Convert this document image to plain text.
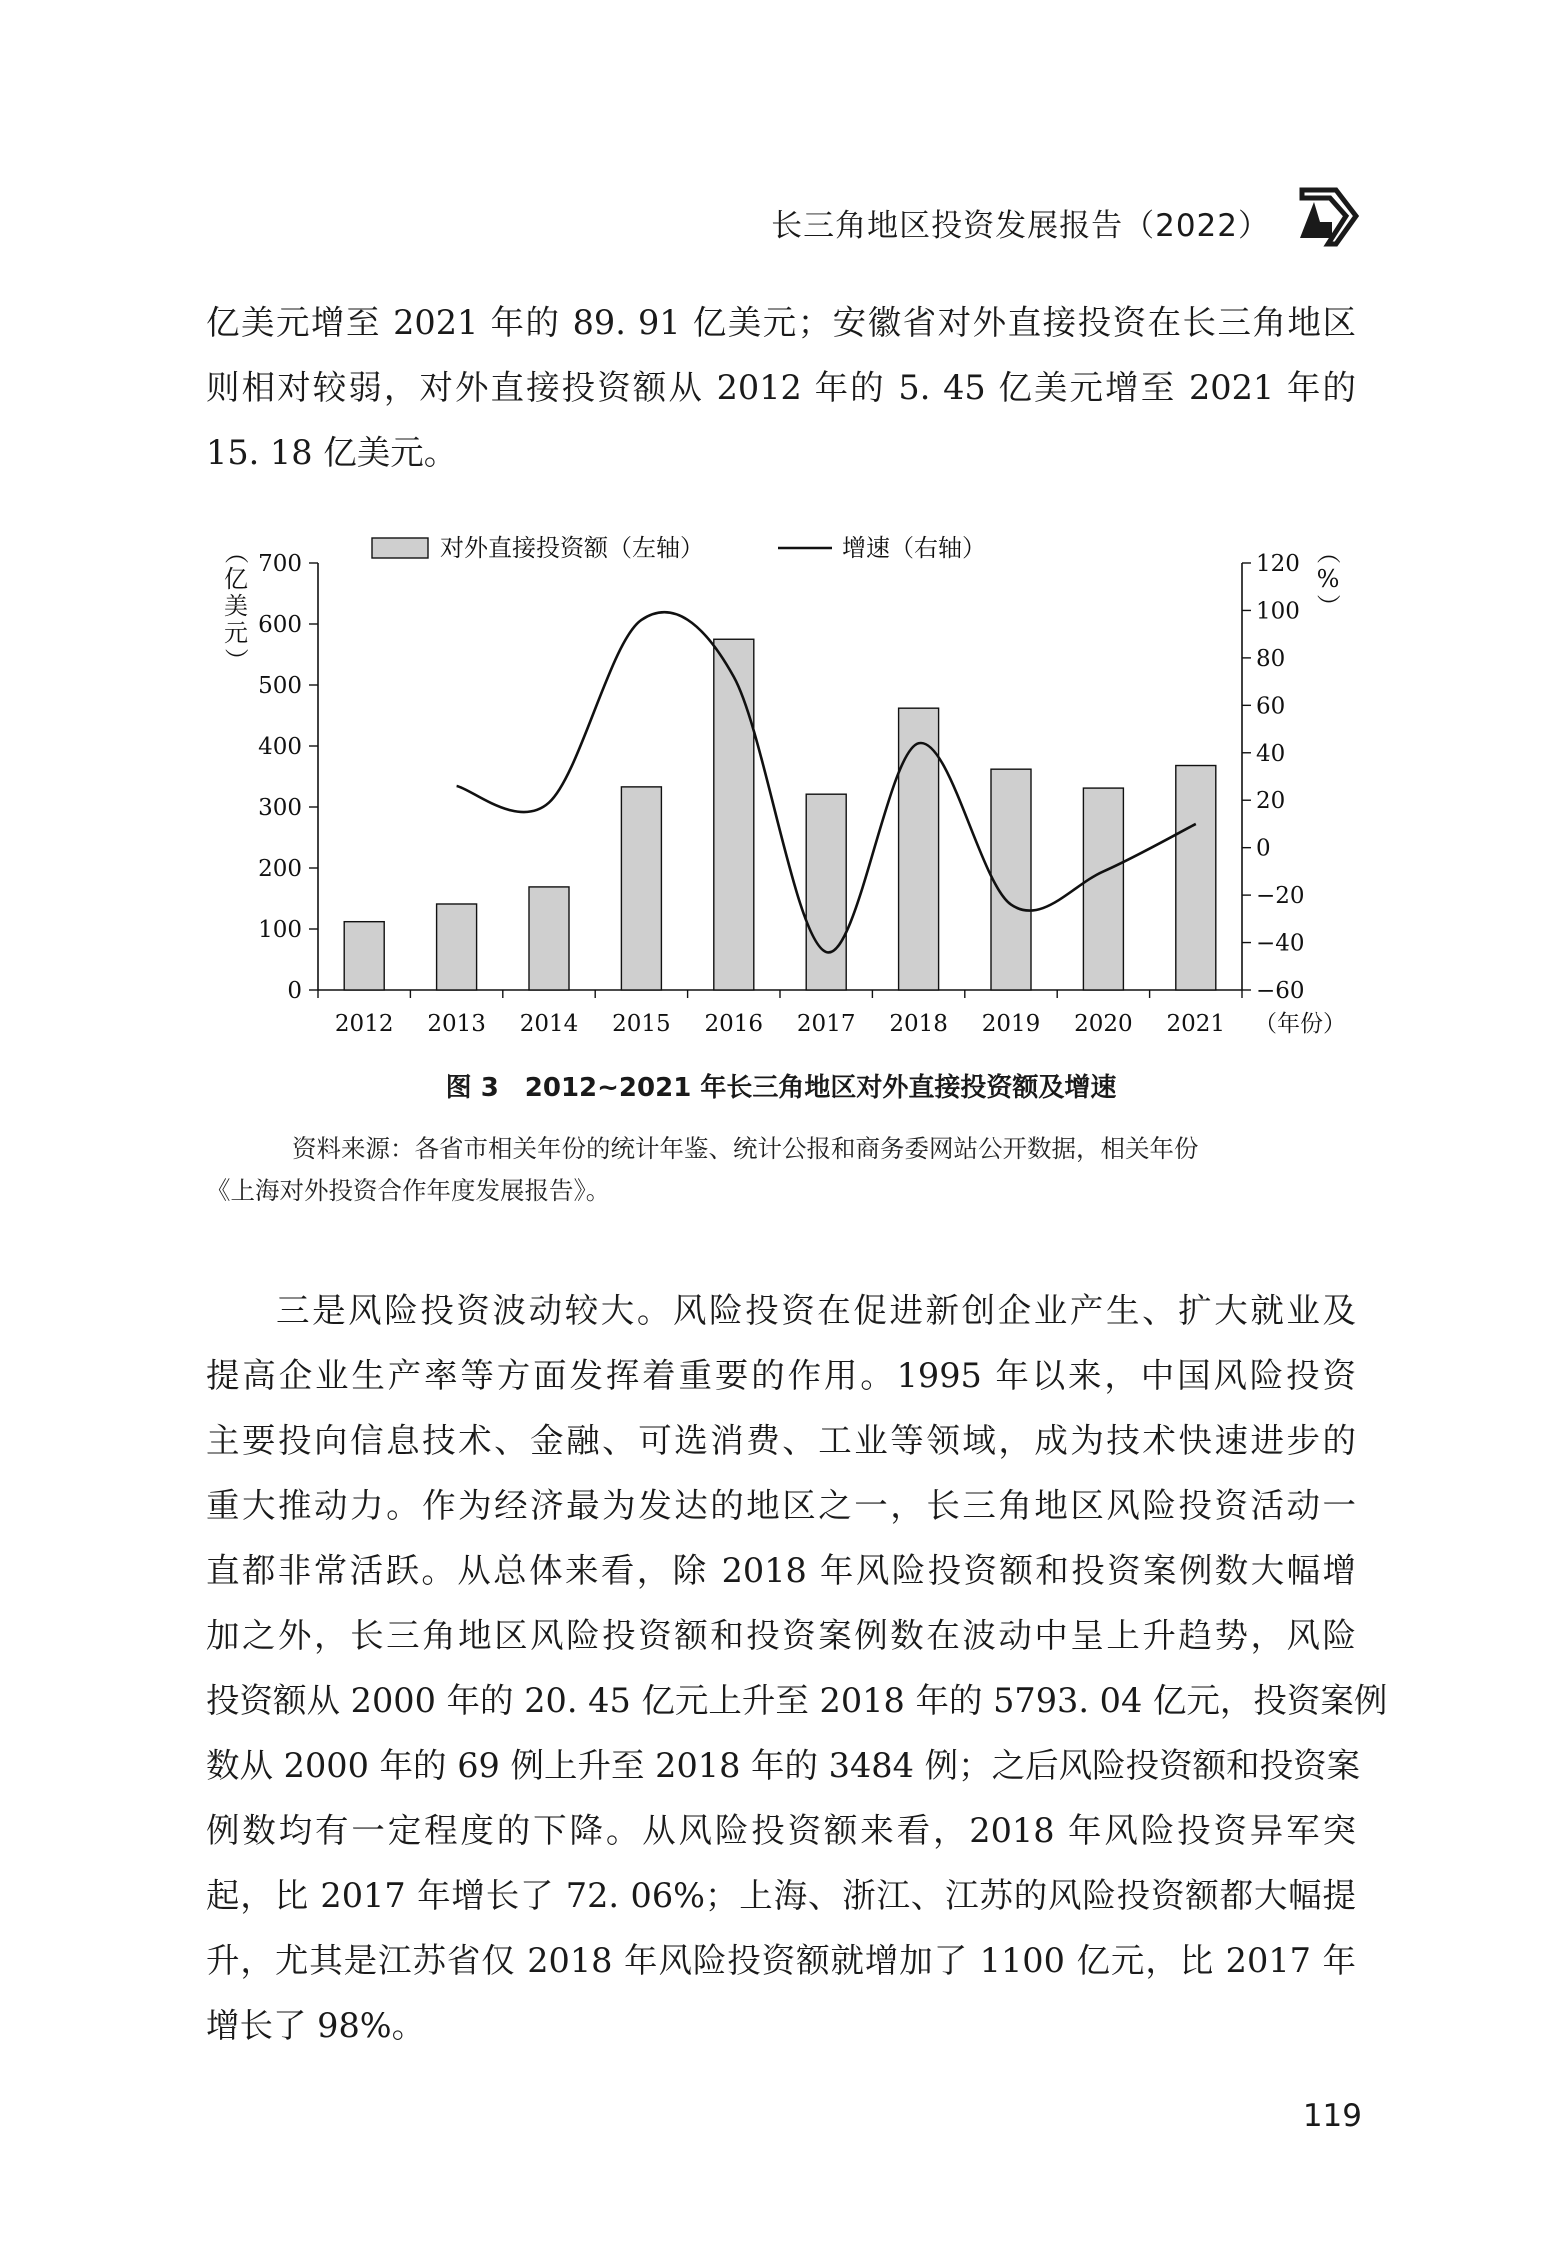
长三角地区投资发展报告（2022）
亿美元增至 2021 年的 89. 91 亿美元；安徽省对外直接投资在长三角地区
则相对较弱，对外直接投资额从 2012 年的 5. 45 亿美元增至 2021 年的
15. 18 亿美元。
0
100
200
300
400
500
600
700
−60
−40
−20
0
20
40
60
80
100
120
2012 2013 2014 2015 2016 2017 2018 2019 2020 2021 （年份）
（
亿
美
元
）
（
%
）
对外直接投资额（左轴）	增速（右轴）
图 3　2012~2021 年长三角地区对外直接投资额及增速
资料来源：各省市相关年份的统计年鉴、统计公报和商务委网站公开数据，相关年份
《上海对外投资合作年度发展报告》。
三是风险投资波动较大。风险投资在促进新创企业产生、扩大就业及
提高企业生产率等方面发挥着重要的作用。1995 年以来，中国风险投资
主要投向信息技术、金融、可选消费、工业等领域，成为技术快速进步的
重大推动力。作为经济最为发达的地区之一，长三角地区风险投资活动一
直都非常活跃。从总体来看，除 2018 年风险投资额和投资案例数大幅增
加之外，长三角地区风险投资额和投资案例数在波动中呈上升趋势，风险
投资额从 2000 年的 20. 45 亿元上升至 2018 年的 5793. 04 亿元，投资案例
数从 2000 年的 69 例上升至 2018 年的 3484 例；之后风险投资额和投资案
例数均有一定程度的下降。从风险投资额来看，2018 年风险投资异军突
起，比 2017 年增长了 72. 06%；上海、浙江、江苏的风险投资额都大幅提
升，尤其是江苏省仅 2018 年风险投资额就增加了 1100 亿元，比 2017 年
增长了 98%。
119
